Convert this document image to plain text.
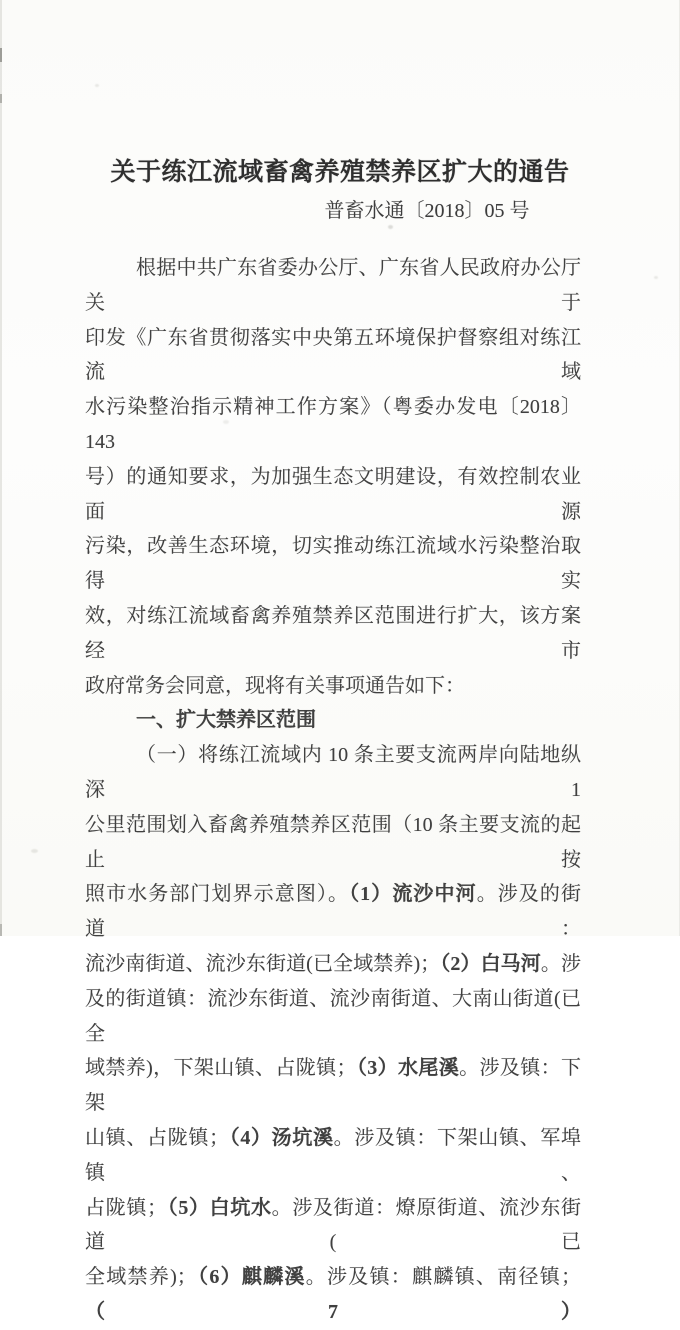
关于练江流域畜禽养殖禁养区扩大的通告
普畜水通〔2018〕05 号
根据中共广东省委办公厅、广东省人民政府办公厅关于
印发《广东省贯彻落实中央第五环境保护督察组对练江流域
水污染整治指示精神工作方案》（粤委办发电〔2018〕143
号）的通知要求，为加强生态文明建设，有效控制农业面源
污染，改善生态环境，切实推动练江流域水污染整治取得实
效，对练江流域畜禽养殖禁养区范围进行扩大，该方案经市
政府常务会同意，现将有关事项通告如下：
一、扩大禁养区范围
（一）将练江流域内 10 条主要支流两岸向陆地纵深 1
公里范围划入畜禽养殖禁养区范围（10 条主要支流的起止按
照市水务部门划界示意图）。（1）流沙中河。涉及的街道：
流沙南街道、流沙东街道(已全域禁养)；（2）白马河。涉
及的街道镇：流沙东街道、流沙南街道、大南山街道(已全
域禁养)，下架山镇、占陇镇；（3）水尾溪。涉及镇：下架
山镇、占陇镇；（4）汤坑溪。涉及镇：下架山镇、军埠镇、
占陇镇；（5）白坑水。涉及街道：燎原街道、流沙东街道(已
全域禁养)；（6）麒麟溪。涉及镇：麒麟镇、南径镇；（7）
